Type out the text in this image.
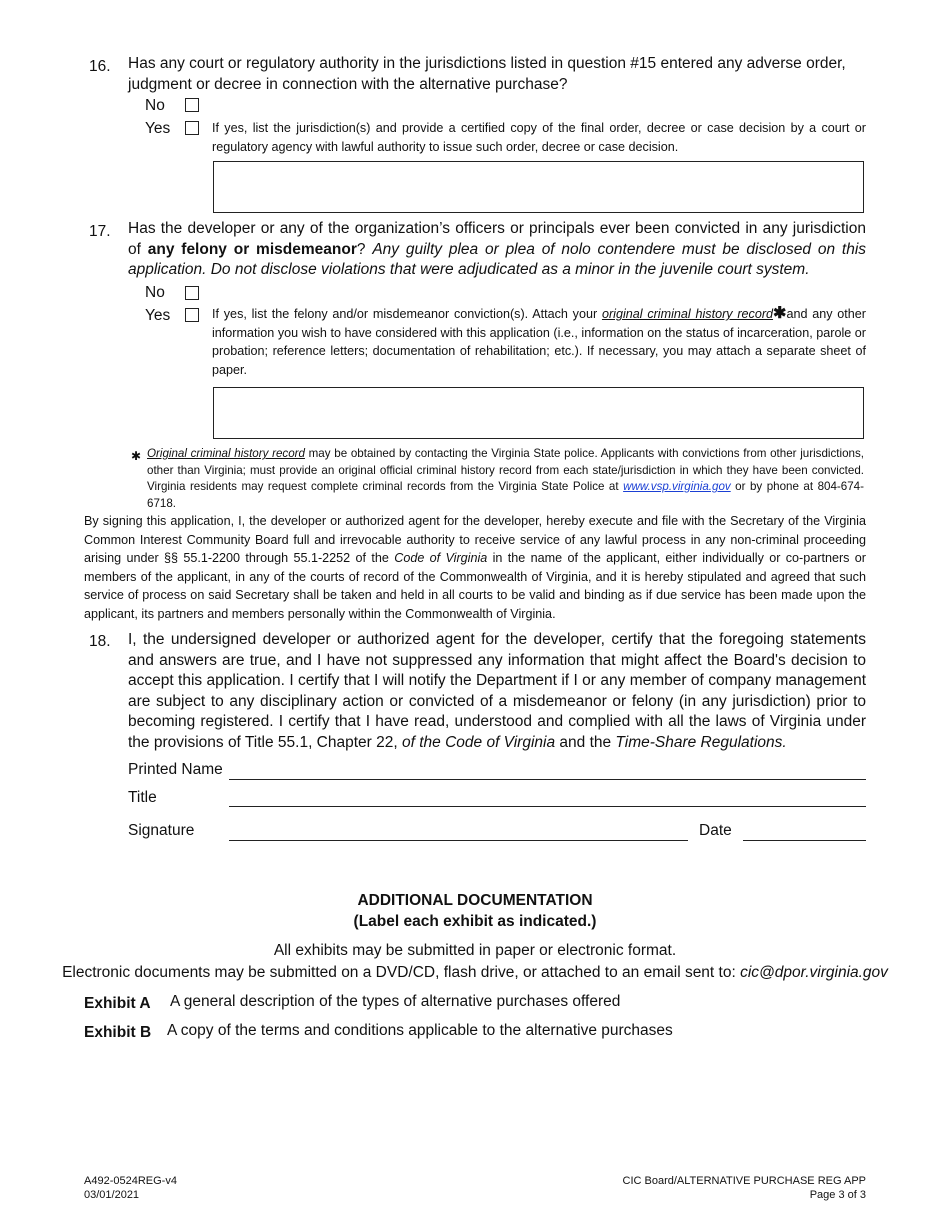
16. Has any court or regulatory authority in the jurisdictions listed in question #15 entered any adverse order, judgment or decree in connection with the alternative purchase?
No
Yes	If yes, list the jurisdiction(s) and provide a certified copy of the final order, decree or case decision by a court or regulatory agency with lawful authority to issue such order, decree or case decision.
17. Has the developer or any of the organization’s officers or principals ever been convicted in any jurisdiction of any felony or misdemeanor? Any guilty plea or plea of nolo contendere must be disclosed on this application. Do not disclose violations that were adjudicated as a minor in the juvenile court system.
No
Yes	If yes, list the felony and/or misdemeanor conviction(s). Attach your original criminal history record✱and any other information you wish to have considered with this application (i.e., information on the status of incarceration, parole or probation; reference letters; documentation of rehabilitation; etc.). If necessary, you may attach a separate sheet of paper.
✱ Original criminal history record may be obtained by contacting the Virginia State police. Applicants with convictions from other jurisdictions, other than Virginia; must provide an original official criminal history record from each state/jurisdiction in which they have been convicted. Virginia residents may request complete criminal records from the Virginia State Police at www.vsp.virginia.gov or by phone at 804-674-6718.
By signing this application, I, the developer or authorized agent for the developer, hereby execute and file with the Secretary of the Virginia Common Interest Community Board full and irrevocable authority to receive service of any lawful process in any non-criminal proceeding arising under §§ 55.1-2200 through 55.1-2252 of the Code of Virginia in the name of the applicant, either individually or co-partners or members of the applicant, in any of the courts of record of the Commonwealth of Virginia, and it is hereby stipulated and agreed that such service of process on said Secretary shall be taken and held in all courts to be valid and binding as if due service has been made upon the applicant, its partners and members personally within the Commonwealth of Virginia.
18. I, the undersigned developer or authorized agent for the developer, certify that the foregoing statements and answers are true, and I have not suppressed any information that might affect the Board's decision to accept this application. I certify that I will notify the Department if I or any member of company management are subject to any disciplinary action or convicted of a misdemeanor or felony (in any jurisdiction) prior to becoming registered. I certify that I have read, understood and complied with all the laws of Virginia under the provisions of Title 55.1, Chapter 22, of the Code of Virginia and the Time-Share Regulations.
Printed Name
Title
Signature	Date
ADDITIONAL DOCUMENTATION
(Label each exhibit as indicated.)
All exhibits may be submitted in paper or electronic format.
Electronic documents may be submitted on a DVD/CD, flash drive, or attached to an email sent to: cic@dpor.virginia.gov
Exhibit A A general description of the types of alternative purchases offered
Exhibit B A copy of the terms and conditions applicable to the alternative purchases
A492-0524REG-v4
03/01/2021
CIC Board/ALTERNATIVE PURCHASE REG APP
Page 3 of 3
